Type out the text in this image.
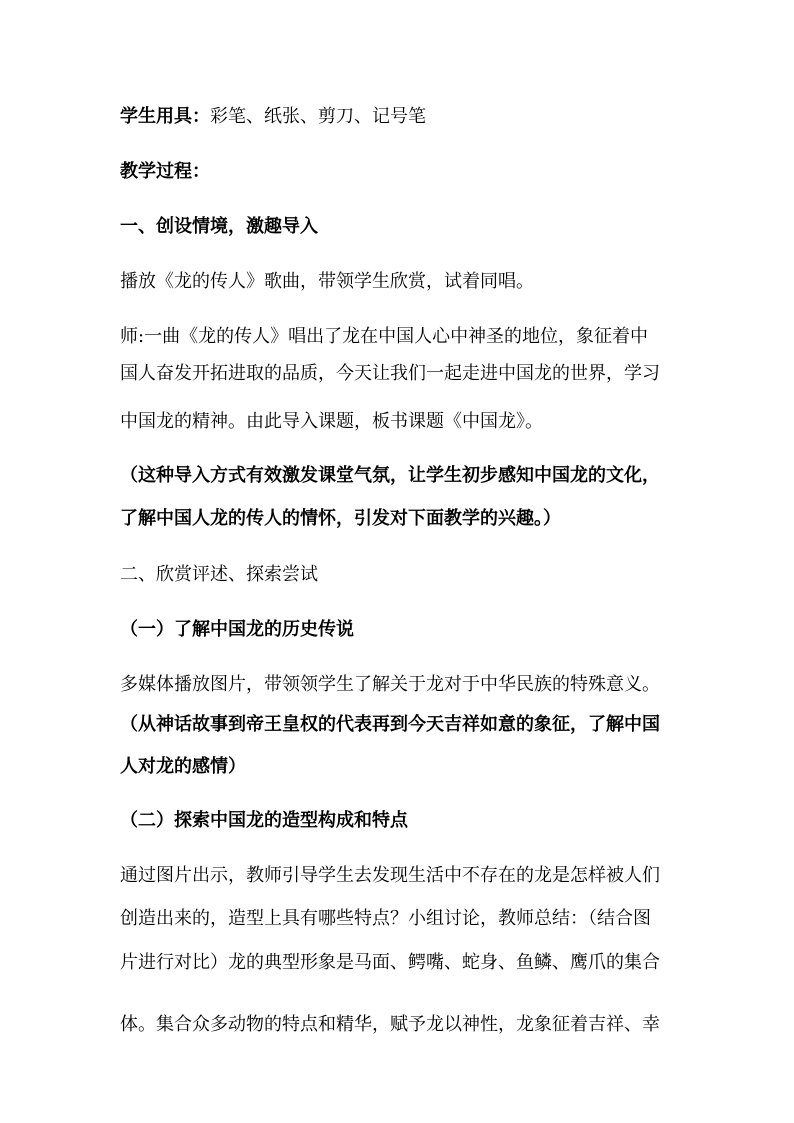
学生用具：彩笔、纸张、剪刀、记号笔
教学过程：
一、创设情境，激趣导入
播放《龙的传人》歌曲，带领学生欣赏，试着同唱。
师:一曲《龙的传人》唱出了龙在中国人心中神圣的地位，象征着中
国人奋发开拓进取的品质，今天让我们一起走进中国龙的世界，学习
中国龙的精神。由此导入课题，板书课题《中国龙》。
（这种导入方式有效激发课堂气氛，让学生初步感知中国龙的文化，
了解中国人龙的传人的情怀，引发对下面教学的兴趣。）
二、欣赏评述、探索尝试
（一）了解中国龙的历史传说
多媒体播放图片，带领领学生了解关于龙对于中华民族的特殊意义。
（从神话故事到帝王皇权的代表再到今天吉祥如意的象征，了解中国
人对龙的感情）
（二）探索中国龙的造型构成和特点
通过图片出示，教师引导学生去发现生活中不存在的龙是怎样被人们
创造出来的，造型上具有哪些特点？小组讨论，教师总结：（结合图
片进行对比）龙的典型形象是马面、鳄嘴、蛇身、鱼鳞、鹰爪的集合
体。集合众多动物的特点和精华，赋予龙以神性，龙象征着吉祥、幸
